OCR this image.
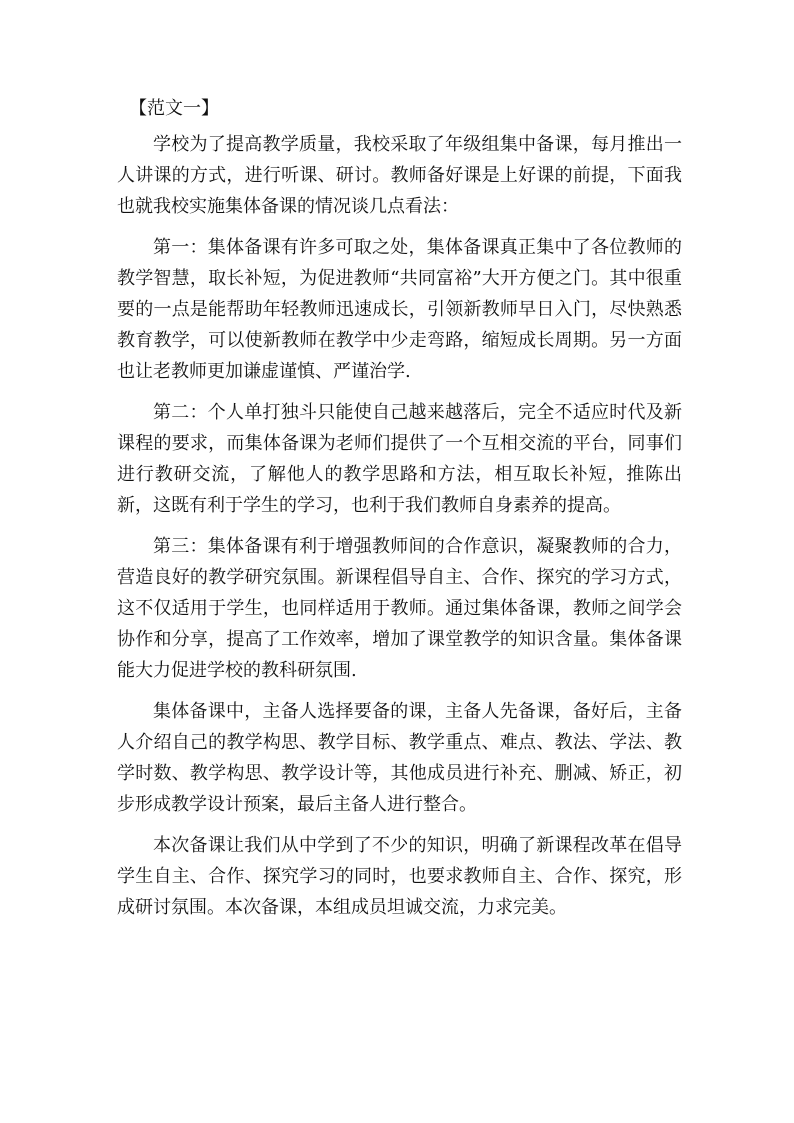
【范文一】

学校为了提高教学质量，我校采取了年级组集中备课，每月推出一人讲课的方式，进行听课、研讨。教师备好课是上好课的前提，下面我也就我校实施集体备课的情况谈几点看法：

第一：集体备课有许多可取之处，集体备课真正集中了各位教师的教学智慧，取长补短，为促进教师“共同富裕”大开方便之门。其中很重要的一点是能帮助年轻教师迅速成长，引领新教师早日入门，尽快熟悉教育教学，可以使新教师在教学中少走弯路，缩短成长周期。另一方面也让老教师更加谦虚谨慎、严谨治学.

第二：个人单打独斗只能使自己越来越落后，完全不适应时代及新课程的要求，而集体备课为老师们提供了一个互相交流的平台，同事们进行教研交流，了解他人的教学思路和方法，相互取长补短，推陈出新，这既有利于学生的学习，也利于我们教师自身素养的提高。

第三：集体备课有利于增强教师间的合作意识，凝聚教师的合力，营造良好的教学研究氛围。新课程倡导自主、合作、探究的学习方式，这不仅适用于学生，也同样适用于教师。通过集体备课，教师之间学会协作和分享，提高了工作效率，增加了课堂教学的知识含量。集体备课能大力促进学校的教科研氛围.

集体备课中，主备人选择要备的课，主备人先备课，备好后，主备人介绍自己的教学构思、教学目标、教学重点、难点、教法、学法、教学时数、教学构思、教学设计等，其他成员进行补充、删减、矫正，初步形成教学设计预案，最后主备人进行整合。

本次备课让我们从中学到了不少的知识，明确了新课程改革在倡导学生自主、合作、探究学习的同时，也要求教师自主、合作、探究，形成研讨氛围。本次备课，本组成员坦诚交流，力求完美。
